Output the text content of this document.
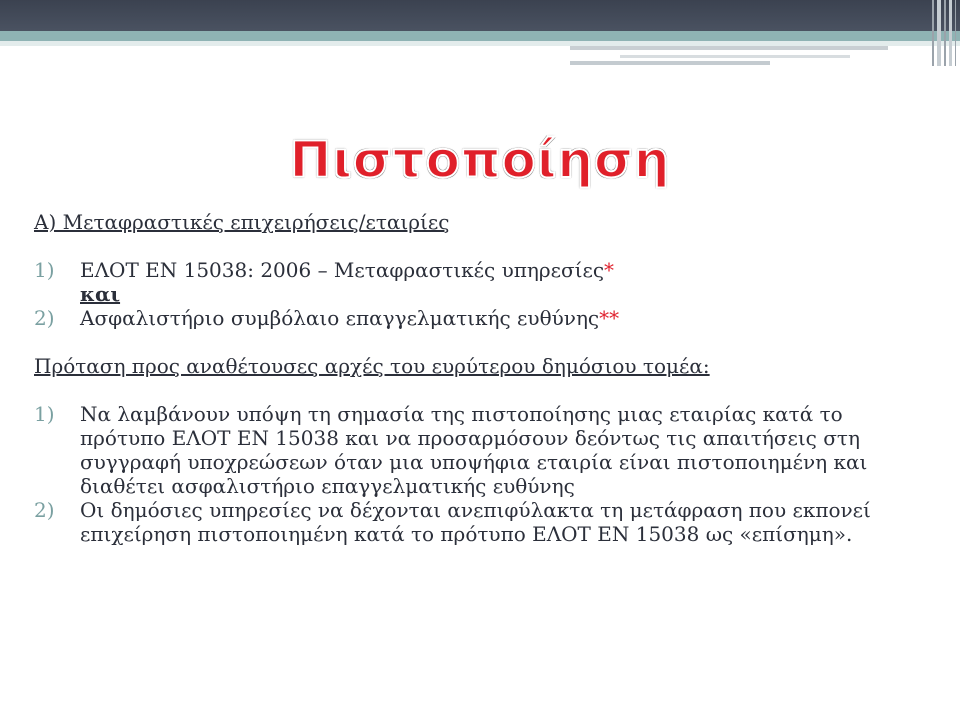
Πιστοποίηση

Α) Μεταφραστικές επιχειρήσεις/εταιρίες

1) ΕΛΟΤ ΕΝ 15038: 2006 – Μεταφραστικές υπηρεσίες*
και
2) Ασφαλιστήριο συμβόλαιο επαγγελματικής ευθύνης**

Πρόταση προς αναθέτουσες αρχές του ευρύτερου δημόσιου τομέα:

1) Να λαμβάνουν υπόψη τη σημασία της πιστοποίησης μιας εταιρίας κατά το πρότυπο ΕΛΟΤ ΕΝ 15038 και να προσαρμόσουν δεόντως τις απαιτήσεις στη συγγραφή υποχρεώσεων όταν μια υποψήφια εταιρία είναι πιστοποιημένη και διαθέτει ασφαλιστήριο επαγγελματικής ευθύνης
2) Οι δημόσιες υπηρεσίες να δέχονται ανεπιφύλακτα τη μετάφραση που εκπονεί επιχείρηση πιστοποιημένη κατά το πρότυπο ΕΛΟΤ ΕΝ 15038 ως «επίσημη».
